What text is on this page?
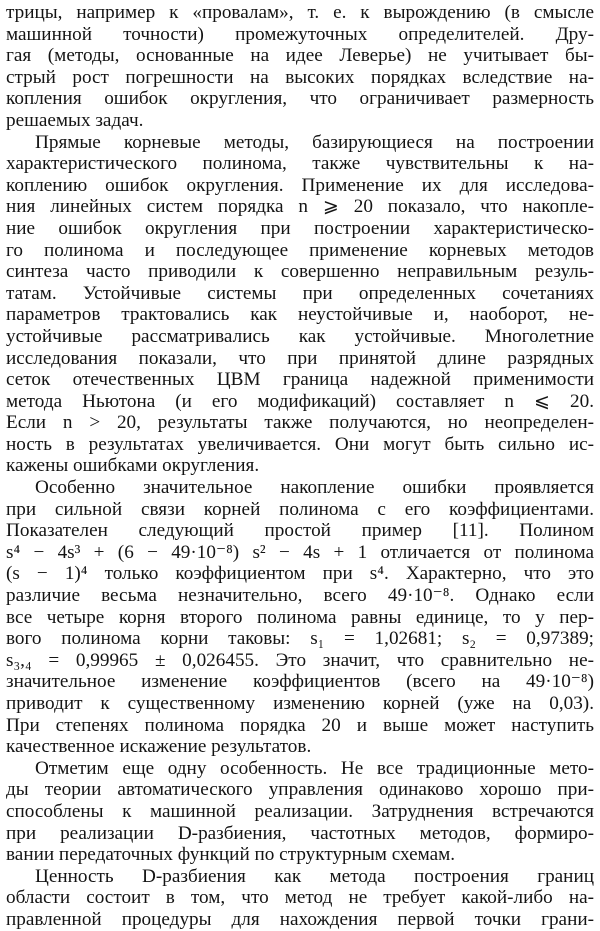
трицы, например к «провалам», т. е. к вырождению (в смысле
машинной точности) промежуточных определителей. Дру-
гая (методы, основанные на идее Леверье) не учитывает бы-
стрый рост погрешности на высоких порядках вследствие на-
копления ошибок округления, что ограничивает размерность
решаемых задач.
Прямые корневые методы, базирующиеся на построении
характеристического полинома, также чувствительны к на-
коплению ошибок округления. Применение их для исследова-
ния линейных систем порядка n ⩾ 20 показало, что накопле-
ние ошибок округления при построении характеристическо-
го полинома и последующее применение корневых методов
синтеза часто приводили к совершенно неправильным резуль-
татам. Устойчивые системы при определенных сочетаниях
параметров трактовались как неустойчивые и, наоборот, не-
устойчивые рассматривались как устойчивые. Многолетние
исследования показали, что при принятой длине разрядных
сеток отечественных ЦВМ граница надежной применимости
метода Ньютона (и его модификаций) составляет n ⩽ 20.
Если n > 20, результаты также получаются, но неопределен-
ность в результатах увеличивается. Они могут быть сильно ис-
кажены ошибками округления.
Особенно значительное накопление ошибки проявляется
при сильной связи корней полинома с его коэффициентами.
Показателен следующий простой пример [11]. Полином
s⁴ − 4s³ + (6 − 49·10⁻⁸) s² − 4s + 1 отличается от полинома
(s − 1)⁴ только коэффициентом при s⁴. Характерно, что это
различие весьма незначительно, всего 49·10⁻⁸. Однако если
все четыре корня второго полинома равны единице, то у пер-
вого полинома корни таковы: s₁ = 1,02681; s₂ = 0,97389;
s₃,₄ = 0,99965 ± 0,026455. Это значит, что сравнительно не-
значительное изменение коэффициентов (всего на 49·10⁻⁸)
приводит к существенному изменению корней (уже на 0,03).
При степенях полинома порядка 20 и выше может наступить
качественное искажение результатов.
Отметим еще одну особенность. Не все традиционные мето-
ды теории автоматического управления одинаково хорошо при-
способлены к машинной реализации. Затруднения встречаются
при реализации D-разбиения, частотных методов, формиро-
вании передаточных функций по структурным схемам.
Ценность D-разбиения как метода построения границ
области состоит в том, что метод не требует какой-либо на-
правленной процедуры для нахождения первой точки грани-
